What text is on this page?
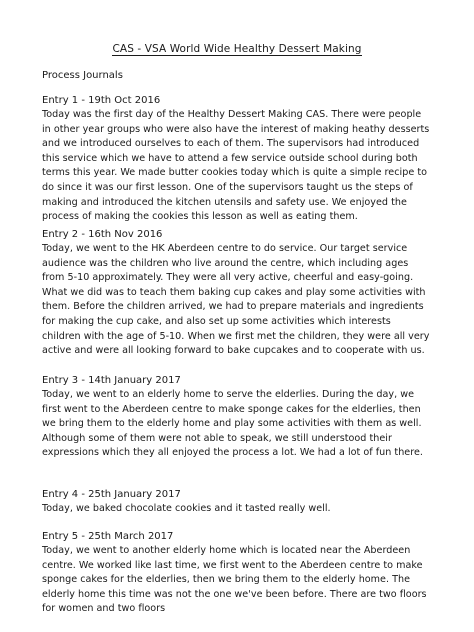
CAS - VSA World Wide Healthy Dessert Making
Process Journals

Entry 1 - 19th Oct 2016

Today was the first day of the Healthy Dessert Making CAS. There were people in other year groups who were also have the interest of making heathy desserts and we introduced ourselves to each of them. The supervisors had introduced this service which we have to attend a few service outside school during both terms this year. We made butter cookies today which is quite a simple recipe to do since it was our first lesson. One of the supervisors taught us the steps of making and introduced the kitchen utensils and safety use. We enjoyed the process of making the cookies this lesson as well as eating them.

Entry 2 - 16th Nov 2016

Today, we went to the HK Aberdeen centre to do service. Our target service audience was the children who live around the centre, which including ages from 5-10 approximately. They were all very active, cheerful and easy-going. What we did was to teach them baking cup cakes and play some activities with them. Before the children arrived, we had to prepare materials and ingredients for making the cup cake, and also set up some activities which interests children with the age of 5-10. When we first met the children, they were all very active and were all looking forward to bake cupcakes and to cooperate with us.

Entry 3 - 14th January 2017

Today, we went to an elderly home to serve the elderlies. During the day, we first went to the Aberdeen centre to make sponge cakes for the elderlies, then we bring them to the elderly home and play some activities with them as well. Although some of them were not able to speak, we still understood their expressions which they all enjoyed the process a lot. We had a lot of fun there.

Entry 4 - 25th January 2017

Today, we baked chocolate cookies and it tasted really well.

Entry 5 - 25th March 2017

Today, we went to another elderly home which is located near the Aberdeen centre. We worked like last time, we first went to the Aberdeen centre to make sponge cakes for the elderlies, then we bring them to the elderly home. The elderly home this time was not the one we've been before. There are two floors for women and two floors
